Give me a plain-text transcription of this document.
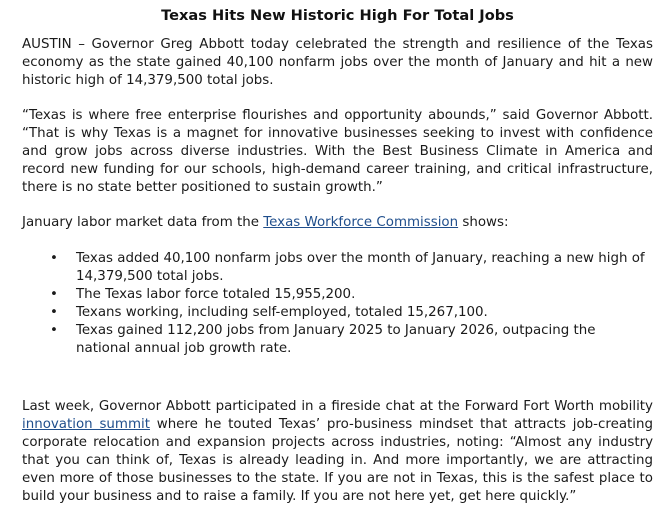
Texas Hits New Historic High For Total Jobs

AUSTIN – Governor Greg Abbott today celebrated the strength and resilience of the Texas economy as the state gained 40,100 nonfarm jobs over the month of January and hit a new historic high of 14,379,500 total jobs.

“Texas is where free enterprise flourishes and opportunity abounds,” said Governor Abbott. “That is why Texas is a magnet for innovative businesses seeking to invest with confidence and grow jobs across diverse industries. With the Best Business Climate in America and record new funding for our schools, high-demand career training, and critical infrastructure, there is no state better positioned to sustain growth.”

January labor market data from the Texas Workforce Commission shows:

• Texas added 40,100 nonfarm jobs over the month of January, reaching a new high of 14,379,500 total jobs.
• The Texas labor force totaled 15,955,200.
• Texans working, including self-employed, totaled 15,267,100.
• Texas gained 112,200 jobs from January 2025 to January 2026, outpacing the national annual job growth rate.

Last week, Governor Abbott participated in a fireside chat at the Forward Fort Worth mobility innovation summit where he touted Texas’ pro-business mindset that attracts job-creating corporate relocation and expansion projects across industries, noting: “Almost any industry that you can think of, Texas is already leading in. And more importantly, we are attracting even more of those businesses to the state. If you are not in Texas, this is the safest place to build your business and to raise a family. If you are not here yet, get here quickly.”
